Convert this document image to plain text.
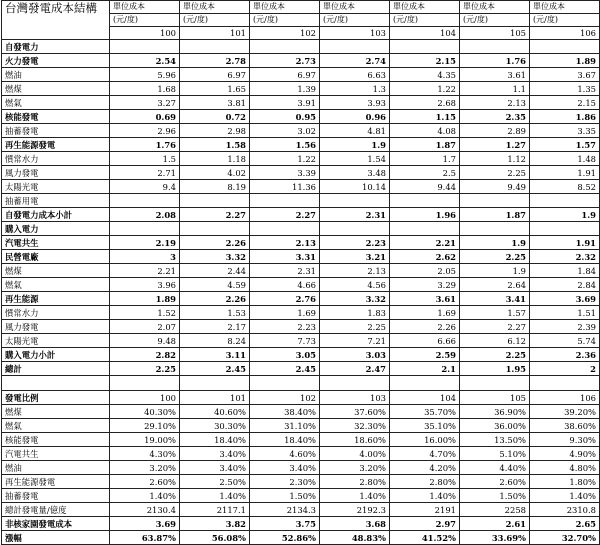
台灣發電成本結構	單位成本	單位成本	單位成本	單位成本	單位成本	單位成本	單位成本
	(元/度)	(元/度)	(元/度)	(元/度)	(元/度)	(元/度)	(元/度)
	100	101	102	103	104	105	106
自發電力							
火力發電	2.54	2.78	2.73	2.74	2.15	1.76	1.89
燃油	5.96	6.97	6.97	6.63	4.35	3.61	3.67
燃煤	1.68	1.65	1.39	1.3	1.22	1.1	1.35
燃氣	3.27	3.81	3.91	3.93	2.68	2.13	2.15
核能發電	0.69	0.72	0.95	0.96	1.15	2.35	1.86
抽蓄發電	2.96	2.98	3.02	4.81	4.08	2.89	3.35
再生能源發電	1.76	1.58	1.56	1.9	1.87	1.27	1.57
慣常水力	1.5	1.18	1.22	1.54	1.7	1.12	1.48
風力發電	2.71	4.02	3.39	3.48	2.5	2.25	1.91
太陽光電	9.4	8.19	11.36	10.14	9.44	9.49	8.52
抽蓄用電							
自發電力成本小計	2.08	2.27	2.27	2.31	1.96	1.87	1.9
購入電力							
汽電共生	2.19	2.26	2.13	2.23	2.21	1.9	1.91
民營電廠	3	3.32	3.31	3.21	2.62	2.25	2.32
燃煤	2.21	2.44	2.31	2.13	2.05	1.9	1.84
燃氣	3.96	4.59	4.66	4.56	3.29	2.64	2.84
再生能源	1.89	2.26	2.76	3.32	3.61	3.41	3.69
慣常水力	1.52	1.53	1.69	1.83	1.69	1.57	1.51
風力發電	2.07	2.17	2.23	2.25	2.26	2.27	2.39
太陽光電	9.48	8.24	7.73	7.21	6.66	6.12	5.74
購入電力小計	2.82	3.11	3.05	3.03	2.59	2.25	2.36
總計	2.25	2.45	2.45	2.47	2.1	1.95	2

發電比例	100	101	102	103	104	105	106
燃煤	40.30%	40.60%	38.40%	37.60%	35.70%	36.90%	39.20%
燃氣	29.10%	30.30%	31.10%	32.30%	35.10%	36.00%	38.60%
核能發電	19.00%	18.40%	18.40%	18.60%	16.00%	13.50%	9.30%
汽電共生	4.30%	3.40%	4.60%	4.00%	4.70%	5.10%	4.90%
燃油	3.20%	3.40%	3.40%	3.20%	4.20%	4.40%	4.80%
再生能源發電	2.60%	2.50%	2.30%	2.80%	2.80%	2.60%	1.80%
抽蓄發電	1.40%	1.40%	1.50%	1.40%	1.40%	1.50%	1.40%
總計發電量/億度	2130.4	2117.1	2134.3	2192.3	2191	2258	2310.8
非核家園發電成本	3.69	3.82	3.75	3.68	2.97	2.61	2.65
漲幅	63.87%	56.08%	52.86%	48.83%	41.52%	33.69%	32.70%
